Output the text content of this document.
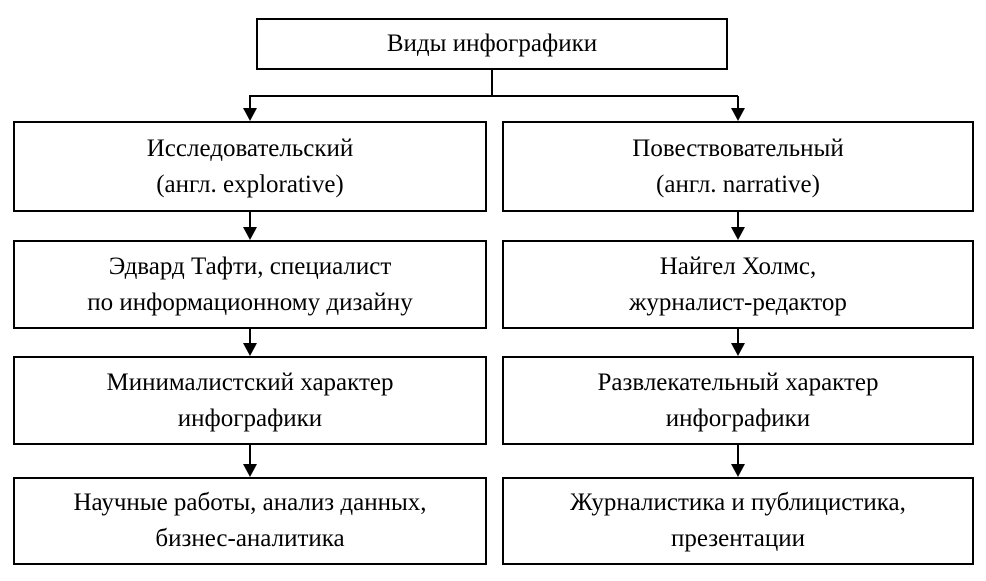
Виды инфографики
Исследовательский
(англ. explorative)
Эдвард Тафти, специалист
по информационному дизайну
Минималистский характер
инфографики
Научные работы, анализ данных,
бизнес-аналитика
Повествовательный
(англ. narrative)
Найгел Холмс,
журналист-редактор
Развлекательный характер
инфографики
Журналистика и публицистика,
презентации
